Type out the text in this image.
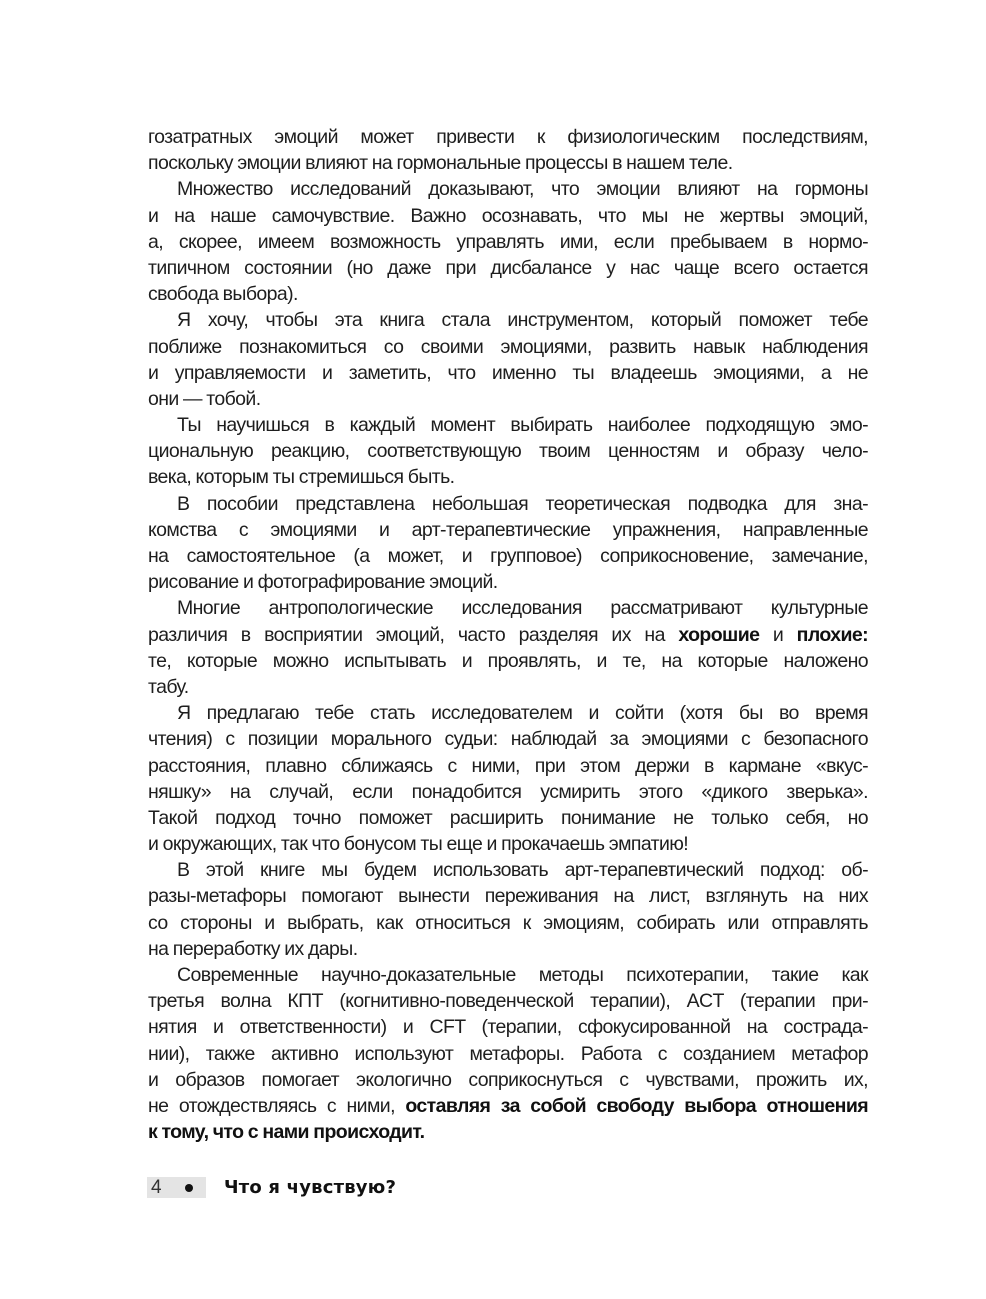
гозатратных эмоций может привести к физиологическим последствиям,
поскольку эмоции влияют на гормональные процессы в нашем теле.
Множество исследований доказывают, что эмоции влияют на гормоны
и на наше самочувствие. Важно осознавать, что мы не жертвы эмоций,
а, скорее, имеем возможность управлять ими, если пребываем в нормо-
типичном состоянии (но даже при дисбалансе у нас чаще всего остается
свобода выбора).
Я хочу, чтобы эта книга стала инструментом, который поможет тебе
поближе познакомиться со своими эмоциями, развить навык наблюдения
и управляемости и заметить, что именно ты владеешь эмоциями, а не
они — тобой.
Ты научишься в каждый момент выбирать наиболее подходящую эмо-
циональную реакцию, соответствующую твоим ценностям и образу чело-
века, которым ты стремишься быть.
В пособии представлена небольшая теоретическая подводка для зна-
комства с эмоциями и арт-терапевтические упражнения, направленные
на самостоятельное (а может, и групповое) соприкосновение, замечание,
рисование и фотографирование эмоций.
Многие антропологические исследования рассматривают культурные
различия в восприятии эмоций, часто разделяя их на хорошие и плохие:
те, которые можно испытывать и проявлять, и те, на которые наложено
табу.
Я предлагаю тебе стать исследователем и сойти (хотя бы во время
чтения) с позиции морального судьи: наблюдай за эмоциями с безопасного
расстояния, плавно сближаясь с ними, при этом держи в кармане «вкус-
няшку» на случай, если понадобится усмирить этого «дикого зверька».
Такой подход точно поможет расширить понимание не только себя, но
и окружающих, так что бонусом ты еще и прокачаешь эмпатию!
В этой книге мы будем использовать арт-терапевтический подход: об-
разы-метафоры помогают вынести переживания на лист, взглянуть на них
со стороны и выбрать, как относиться к эмоциям, собирать или отправлять
на переработку их дары.
Современные научно-доказательные методы психотерапии, такие как
третья волна КПТ (когнитивно-поведенческой терапии), ACT (терапии при-
нятия и ответственности) и CFT (терапии, сфокусированной на сострада-
нии), также активно используют метафоры. Работа с созданием метафор
и образов помогает экологично соприкоснуться с чувствами, прожить их,
не отождествляясь с ними, оставляя за собой свободу выбора отношения
к тому, что с нами происходит.
4	Что я чувствую?
